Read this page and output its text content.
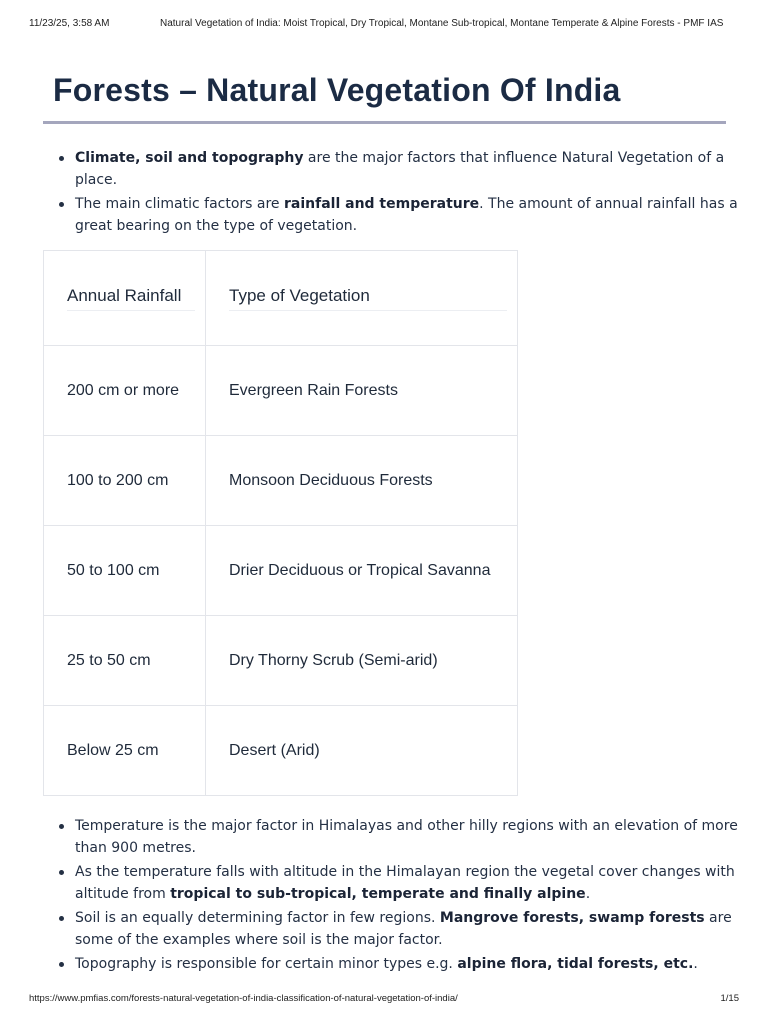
11/23/25, 3:58 AM	Natural Vegetation of India: Moist Tropical, Dry Tropical, Montane Sub-tropical, Montane Temperate & Alpine Forests - PMF IAS
Forests – Natural Vegetation Of India
Climate, soil and topography are the major factors that influence Natural Vegetation of a place.
The main climatic factors are rainfall and temperature. The amount of annual rainfall has a great bearing on the type of vegetation.
Annual Rainfall	Type of Vegetation

200 cm or more	Evergreen Rain Forests
100 to 200 cm	Monsoon Deciduous Forests
50 to 100 cm	Drier Deciduous or Tropical Savanna
25 to 50 cm	Dry Thorny Scrub (Semi-arid)
Below 25 cm	Desert (Arid)
Temperature is the major factor in Himalayas and other hilly regions with an elevation of more than 900 metres.
As the temperature falls with altitude in the Himalayan region the vegetal cover changes with altitude from tropical to sub-tropical, temperate and finally alpine.
Soil is an equally determining factor in few regions. Mangrove forests, swamp forests are some of the examples where soil is the major factor.
Topography is responsible for certain minor types e.g. alpine flora, tidal forests, etc..
https://www.pmfias.com/forests-natural-vegetation-of-india-classification-of-natural-vegetation-of-india/	1/15
